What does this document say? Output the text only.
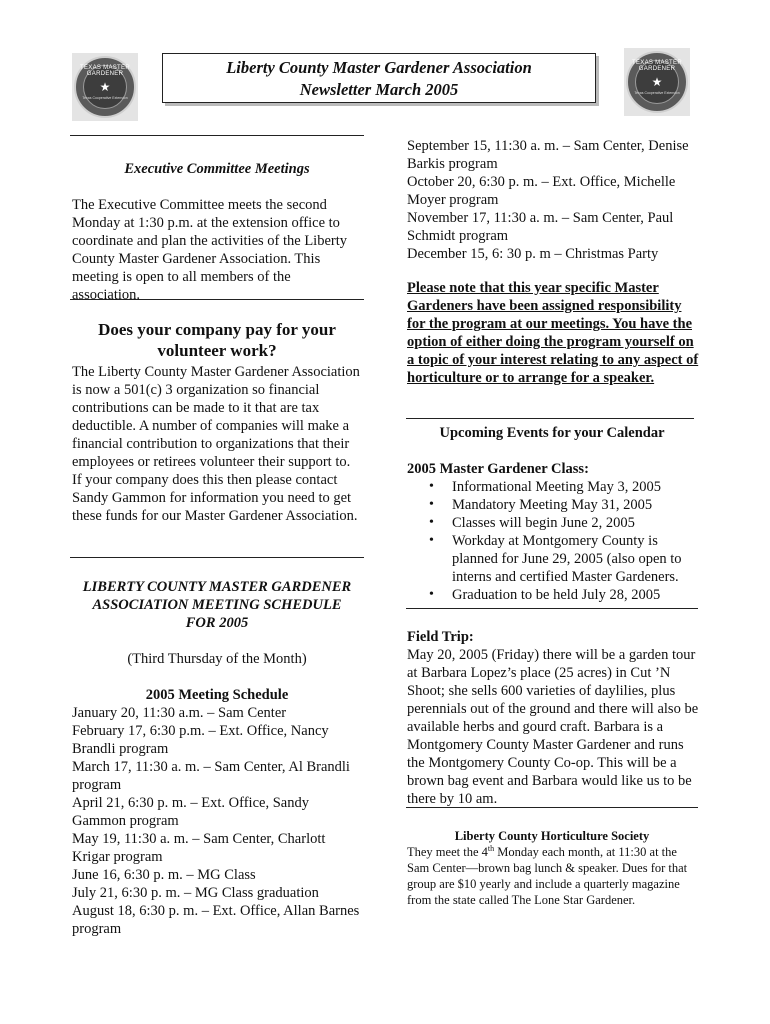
TEXAS MASTER GARDENER
★
Texas Cooperative Extension
TEXAS MASTER GARDENER
★
Texas Cooperative Extension
Liberty County Master Gardener Association
Newsletter March 2005

Executive Committee Meetings

The Executive Committee meets the second Monday at 1:30 p.m. at the extension office to coordinate and plan the activities of the Liberty County Master Gardener Association. This meeting is open to all members of the association.

Does your company pay for your volunteer work?

The Liberty County Master Gardener Association is now a 501(c) 3 organization so financial contributions can be made to it that are tax deductible. A number of companies will make a financial contribution to organizations that their employees or retirees volunteer their support to. If your company does this then please contact Sandy Gammon for information you need to get these funds for our Master Gardener Association.

LIBERTY COUNTY MASTER GARDENER ASSOCIATION MEETING SCHEDULE FOR 2005

(Third Thursday of the Month)

2005 Meeting Schedule

January 20, 11:30 a.m. – Sam Center

February 17, 6:30 p.m. – Ext. Office, Nancy Brandli program

March 17, 11:30 a. m. – Sam Center, Al Brandli program

April 21, 6:30 p. m. – Ext. Office, Sandy Gammon program

May 19, 11:30 a. m. – Sam Center, Charlott Krigar program

June 16, 6:30 p. m. – MG Class

July 21, 6:30 p. m. – MG Class graduation

August 18, 6:30 p. m. – Ext. Office, Allan Barnes program

September 15, 11:30 a. m. – Sam Center, Denise Barkis program

October 20, 6:30 p. m. – Ext. Office, Michelle Moyer program

November 17, 11:30 a. m. – Sam Center, Paul Schmidt program

December 15, 6: 30 p. m – Christmas Party

Please note that this year specific Master Gardeners have been assigned responsibility for the program at our meetings. You have the option of either doing the program yourself on a topic of your interest relating to any aspect of horticulture or to arrange for a speaker.

Upcoming Events for your Calendar

2005 Master Gardener Class:

• Informational Meeting May 3, 2005
• Mandatory Meeting May 31, 2005
• Classes will begin June 2, 2005
• Workday at Montgomery County is planned for June 29, 2005 (also open to interns and certified Master Gardeners.
• Graduation to be held July 28, 2005

Field Trip:

May 20, 2005 (Friday) there will be a garden tour at Barbara Lopez’s place (25 acres) in Cut ’N Shoot; she sells 600 varieties of daylilies, plus perennials out of the ground and there will also be available herbs and gourd craft. Barbara is a Montgomery County Master Gardener and runs the Montgomery County Co-op. This will be a brown bag event and Barbara would like us to be there by 10 am.

Liberty County Horticulture Society

They meet the 4th Monday each month, at 11:30 at the Sam Center—brown bag lunch & speaker. Dues for that group are $10 yearly and include a quarterly magazine from the state called The Lone Star Gardener.
